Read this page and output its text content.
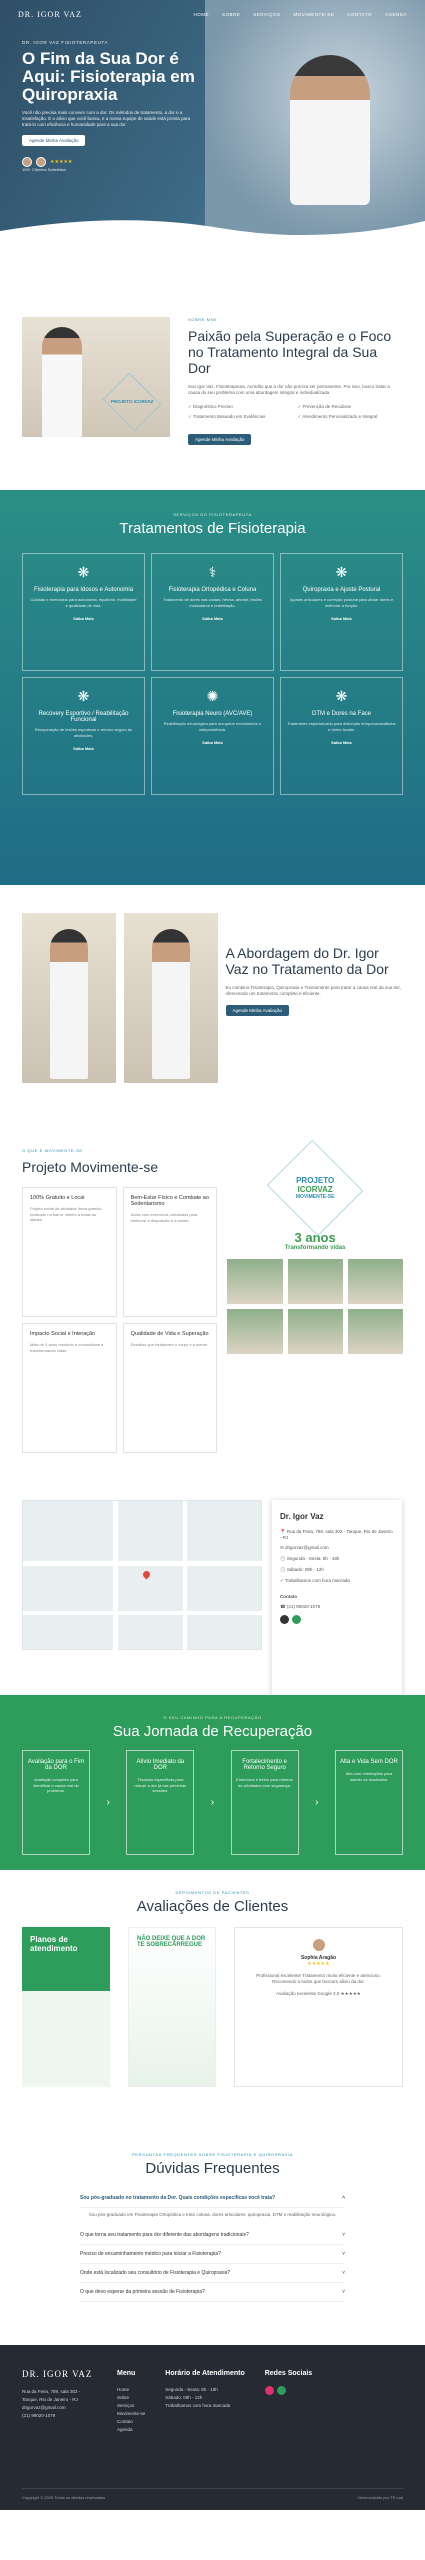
DR. IGOR VAZ	HOME	SOBRE	SERVIÇOS	MOVIMENTE-SE	CONTATO	AGENDA
DR. IGOR VAZ FISIOTERAPEUTA
O Fim da Sua Dor é Aqui: Fisioterapia em Quiropraxia

Você não precisa mais conviver com a dor. Os métodos de tratamento, a dor e a insatisfação. É o alívio que você busca, e a nossa equipe de saúde está pronta para tratá-lo com eficiência e humanidade para a sua dor.

Agende Minha Avaliação
★★★★★
100+ Clientes Satisfeitos
PROJETO ICORVAZ
SOBRE MIM
Paixão pela Superação e o Foco no Tratamento Integral da Sua Dor
Sou Igor Vaz, Fisioterapeuta. Acredito que a dor não precisa ser permanente. Por isso, busco tratar a causa do seu problema com uma abordagem integral e individualizada.
✓ Diagnóstico Preciso	✓ Prevenção de Recidivas
✓ Tratamento Baseado em Evidências	✓ Atendimento Personalizado e Integral
Agende Minha Avaliação
SERVIÇOS DO FISIOTERAPEUTA
Tratamentos de Fisioterapia
❋
Fisioterapia para Idosos e Autonomia

Cuidado e exercícios para autonomia, equilíbrio, mobilidade e qualidade de vida.

Saiba Mais
⚕
Fisioterapia Ortopédica e Coluna

Tratamento de dores nas costas, hérnia, artrose, lesões musculares e reabilitação.

Saiba Mais
❋
Quiropraxia e Ajuste Postural

Ajustes articulares e correção postural para aliviar dores e melhorar a função.

Saiba Mais
❋
Recovery Esportivo / Reabilitação Funcional

Recuperação de lesões esportivas e retorno seguro às atividades.

Saiba Mais
✺
Fisioterapia Neuro (AVC/AVE)

Reabilitação neurológica para recuperar movimentos e independência.

Saiba Mais
❋
DTM e Dores na Face

Tratamento especializado para disfunção temporomandibular e dores faciais.

Saiba Mais
A Abordagem do Dr. Igor Vaz no Tratamento da Dor
Eu combino Fisioterapia, Quiropraxia e Treinamento para tratar a causa real da sua dor, oferecendo um tratamento completo e eficiente.
Agende Minha Avaliação
O QUE É MOVIMENTE-SE
Projeto Movimente-se
100% Gratuito e Local

Projeto social de atividade física gratuito realizado no bairro, aberto a todas as idades.

Bem-Estar Físico e Combate ao Sedentarismo

Aulas com exercícios orientados para melhorar a disposição e a saúde.

Impacto Social e Interação

Mais de 3 anos reunindo a comunidade e transformando vidas.

Qualidade de Vida e Superação

Desafios que fortalecem o corpo e a mente.

PROJETO
ICORVAZ
MOVIMENTE-SE
3 anos
Transformando vidas
Dr. Igor Vaz
📍 Rua da Feira, 789, sala 302 - Tanque, Rio de Janeiro - RJ
✉ drigorvaz@gmail.com
🕒 Segunda - Sexta: 8h - 18h
🕒 Sábado: 08h - 12h
✓ Trabalhamos com hora marcada
Contato
☎ (21) 99020-1078
O SEU CAMINHO PARA A RECUPERAÇÃO
Sua Jornada de Recuperação
Avaliação para o Fim da DOR

Avaliação completa para identificar a causa real do problema.

›
Alívio Imediato da DOR

Técnicas específicas para reduzir a dor já nas primeiras sessões.

›
Fortalecimento e Retorno Seguro

Exercícios e treino para retomar as atividades com segurança.

›
Alta e Vida Sem DOR

Alta com orientações para manter os resultados.

DEPOIMENTOS DE PACIENTES
Avaliações de Clientes
Planos de atendimento
NÃO DEIXE QUE A DOR TE SOBRECARREGUE
Sophia Aragão
★★★★★

Profissional excelente! Tratamento muito eficiente e atencioso. Recomendo a todos que buscam alívio da dor.

Avaliação excelente Google 4.9 ★★★★★

PERGUNTAS FREQUENTES SOBRE FISIOTERAPIA E QUIROPRAXIA
Dúvidas Frequentes
Sou pós-graduado no tratamento da Dor. Quais condições especificas você trata?	˄
Sou pós-graduado em Fisioterapia Ortopédica e trato coluna, dores articulares, quiropraxia, DTM e reabilitação neurológica.
O que torna seu tratamento para dor diferente das abordagens tradicionais?	˅
Preciso de encaminhamento médico para iniciar a Fisioterapia?	˅
Onde está localizado seu consultório de Fisioterapia e Quiropraxia?	˅
O que devo esperar da primeira sessão de Fisioterapia?	˅
DR. IGOR VAZ
Rua da Feira, 789, sala 302 - Tanque, Rio de Janeiro - RJ
drigorvaz@gmail.com
(21) 99020-1078
Menu
Home
Sobre
Serviços
Movimente-se
Contato
Agenda
Horário de Atendimento
Segunda - Sexta: 8h - 18h
Sábado: 08h - 12h
Trabalhamos com hora marcada
Redes Sociais
Copyright © 2025 Todos os direitos reservados	Desenvolvido por TS Lab
